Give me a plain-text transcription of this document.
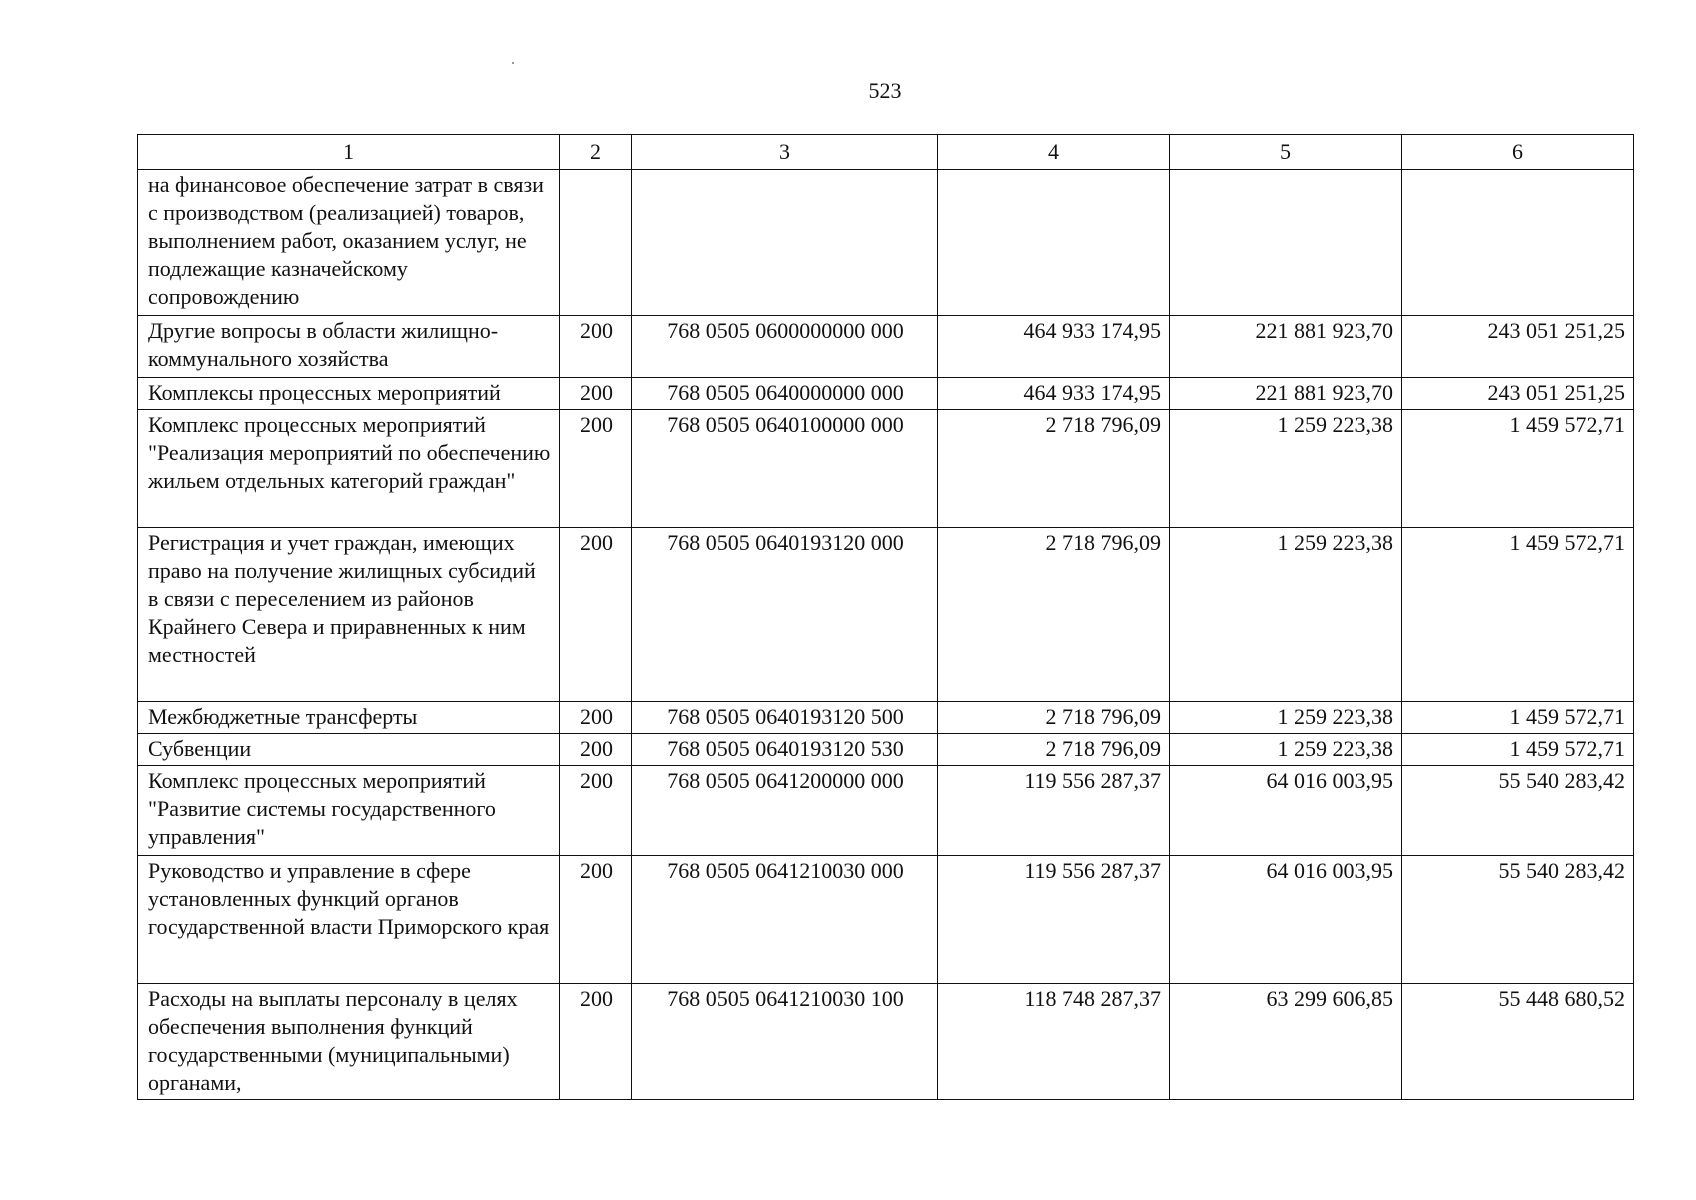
523
1	2	3	4	5	6
на финансовое обеспечение затрат в связи с производством (реализацией) товаров, выполнением работ, оказанием услуг, не подлежащие казначейскому сопровождению					
Другие вопросы в области жилищно-коммунального хозяйства	200	768 0505 0600000000 000	464 933 174,95	221 881 923,70	243 051 251,25
Комплексы процессных мероприятий	200	768 0505 0640000000 000	464 933 174,95	221 881 923,70	243 051 251,25
Комплекс процессных мероприятий "Реализация мероприятий по обеспечению жильем отдельных категорий граждан"	200	768 0505 0640100000 000	2 718 796,09	1 259 223,38	1 459 572,71
Регистрация и учет граждан, имеющих право на получение жилищных субсидий в связи с переселением из районов Крайнего Севера и приравненных к ним местностей	200	768 0505 0640193120 000	2 718 796,09	1 259 223,38	1 459 572,71
Межбюджетные трансферты	200	768 0505 0640193120 500	2 718 796,09	1 259 223,38	1 459 572,71
Субвенции	200	768 0505 0640193120 530	2 718 796,09	1 259 223,38	1 459 572,71
Комплекс процессных мероприятий "Развитие системы государственного управления"	200	768 0505 0641200000 000	119 556 287,37	64 016 003,95	55 540 283,42
Руководство и управление в сфере установленных функций органов государственной власти Приморского края	200	768 0505 0641210030 000	119 556 287,37	64 016 003,95	55 540 283,42
Расходы на выплаты персоналу в целях обеспечения выполнения функций государственными (муниципальными) органами,	200	768 0505 0641210030 100	118 748 287,37	63 299 606,85	55 448 680,52
